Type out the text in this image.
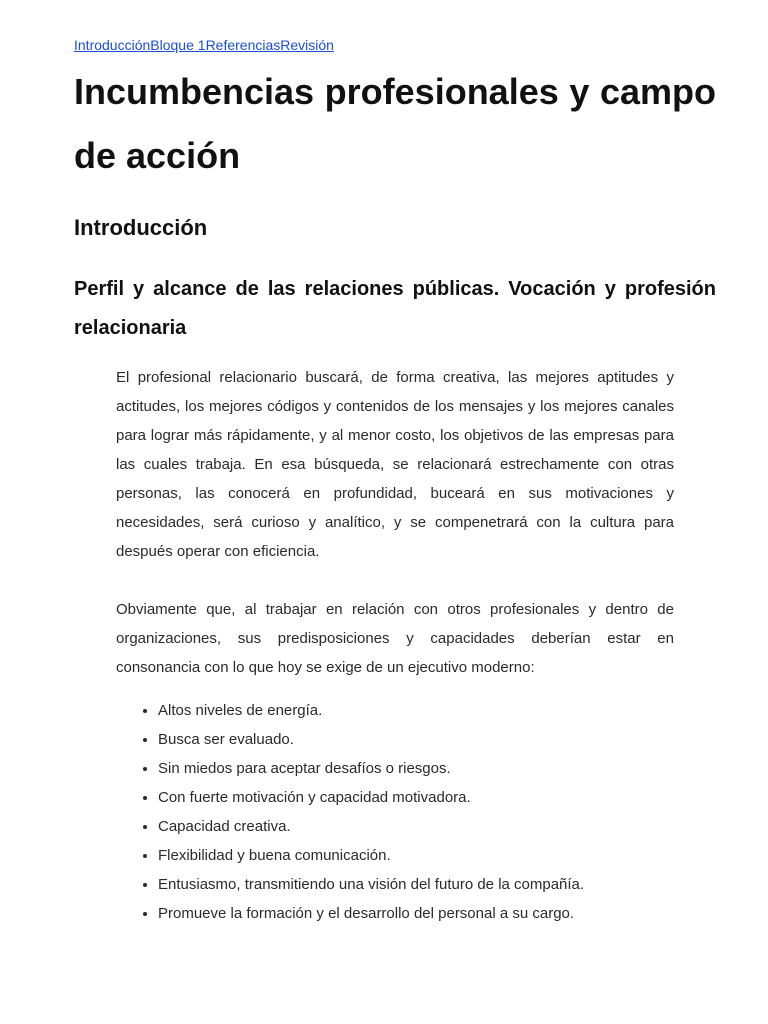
IntroducciónBloque 1ReferenciasRevisión
Incumbencias profesionales y campo de acción
Introducción
Perfil y alcance de las relaciones públicas. Vocación y profesión relacionaria

El profesional relacionario buscará, de forma creativa, las mejores aptitudes y actitudes, los mejores códigos y contenidos de los mensajes y los mejores canales para lograr más rápidamente, y al menor costo, los objetivos de las empresas para las cuales trabaja. En esa búsqueda, se relacionará estrechamente con otras personas, las conocerá en profundidad, buceará en sus motivaciones y necesidades, será curioso y analítico, y se compenetrará con la cultura para después operar con eficiencia.

Obviamente que, al trabajar en relación con otros profesionales y dentro de organizaciones, sus predisposiciones y capacidades deberían estar en consonancia con lo que hoy se exige de un ejecutivo moderno:

• Altos niveles de energía.
• Busca ser evaluado.
• Sin miedos para aceptar desafíos o riesgos.
• Con fuerte motivación y capacidad motivadora.
• Capacidad creativa.
• Flexibilidad y buena comunicación.
• Entusiasmo, transmitiendo una visión del futuro de la compañía.
• Promueve la formación y el desarrollo del personal a su cargo.
